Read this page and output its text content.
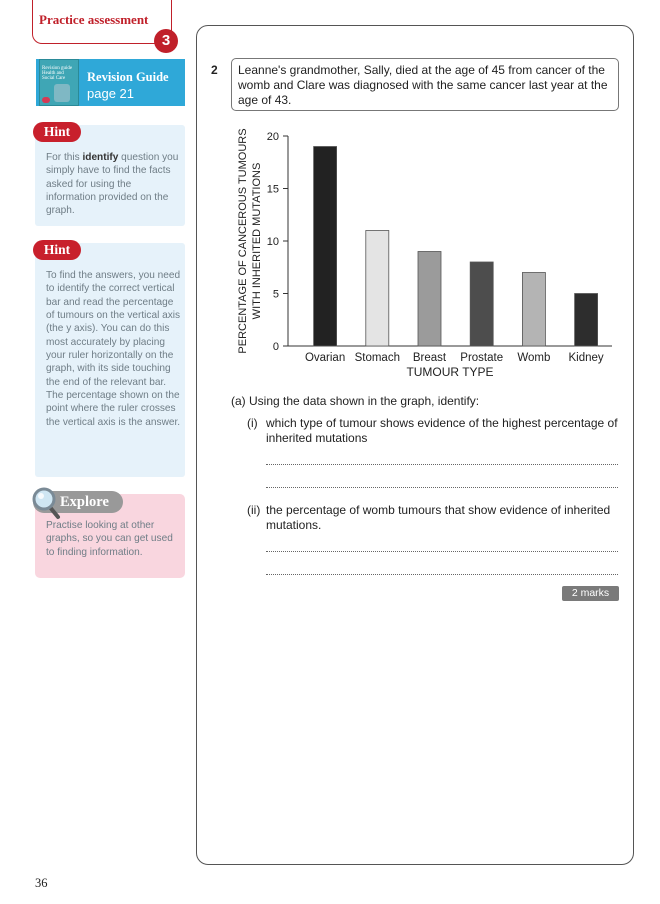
Practice assessment
3
Revision guide Health and Social Care	Revision Guide
page 21
Hint
For this identify question you simply have to find the facts asked for using the information provided on the graph.
Hint
To find the answers, you need to identify the correct vertical bar and read the percentage of tumours on the vertical axis (the y axis). You can do this most accurately by placing your ruler horizontally on the graph, with its side touching the end of the relevant bar. The percentage shown on the point where the ruler crosses the vertical axis is the answer.
Explore
Practise looking at other graphs, so you can get used to finding information.
2	Leanne's grandmother, Sally, died at the age of 45 from cancer of the womb and Clare was diagnosed with the same cancer last year at the age of 43.
0
5
10
15
20
Ovarian Stomach Breast Prostate Womb Kidney
PERCENTAGE OF CANCEROUS TUMOURS WITH INHERITED MUTATIONS
TUMOUR TYPE
(a) Using the data shown in the graph, identify:
(i) which type of tumour shows evidence of the highest percentage of inherited mutations
(ii) the percentage of womb tumours that show evidence of inherited mutations.
2 marks
36
